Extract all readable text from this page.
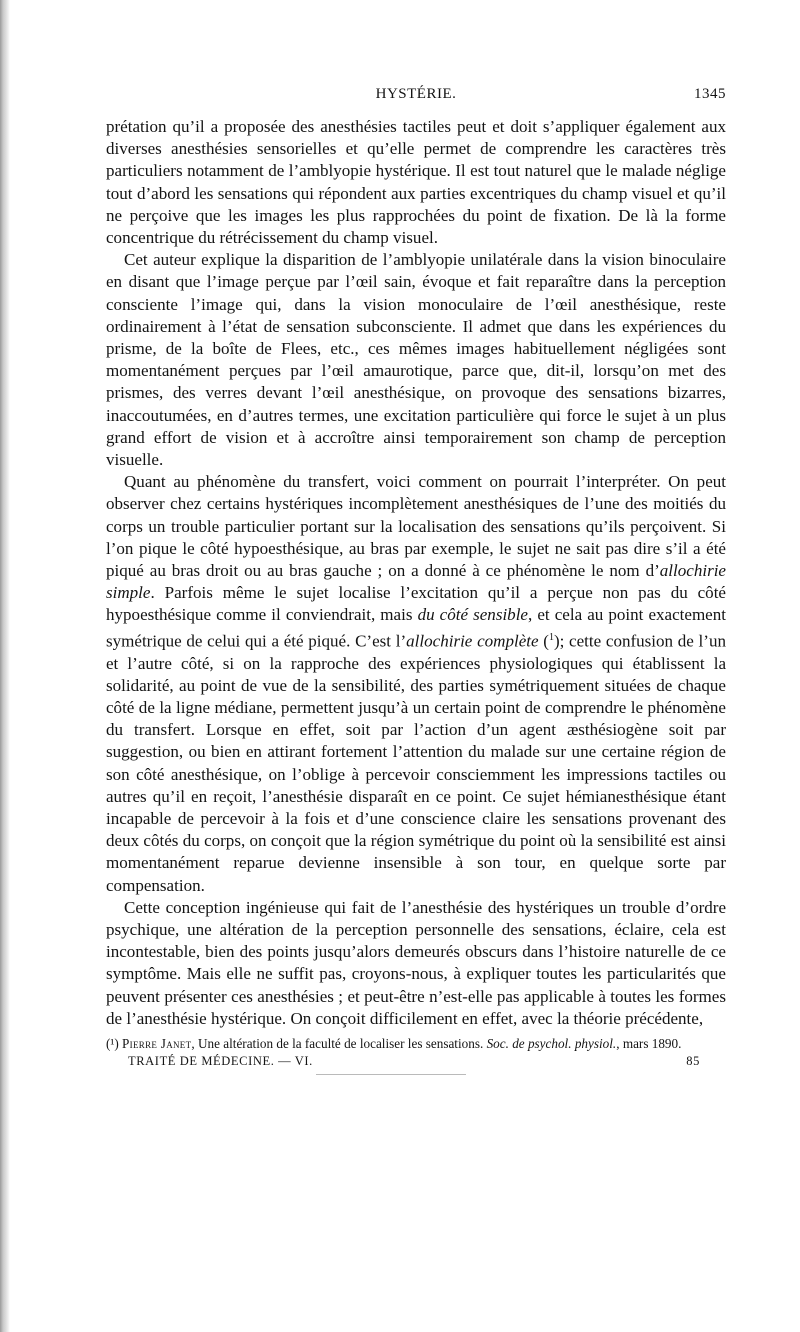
HYSTÉRIE.	1345

prétation qu’il a proposée des anesthésies tactiles peut et doit s’appliquer également aux diverses anesthésies sensorielles et qu’elle permet de comprendre les caractères très particuliers notamment de l’amblyopie hystérique. Il est tout naturel que le malade néglige tout d’abord les sensations qui répondent aux parties excentriques du champ visuel et qu’il ne perçoive que les images les plus rapprochées du point de fixation. De là la forme concentrique du rétrécissement du champ visuel.

Cet auteur explique la disparition de l’amblyopie unilatérale dans la vision binoculaire en disant que l’image perçue par l’œil sain, évoque et fait reparaître dans la perception consciente l’image qui, dans la vision monoculaire de l’œil anesthésique, reste ordinairement à l’état de sensation subconsciente. Il admet que dans les expériences du prisme, de la boîte de Flees, etc., ces mêmes images habituellement négligées sont momentanément perçues par l’œil amaurotique, parce que, dit-il, lorsqu’on met des prismes, des verres devant l’œil anesthésique, on provoque des sensations bizarres, inaccoutumées, en d’autres termes, une excitation particulière qui force le sujet à un plus grand effort de vision et à accroître ainsi temporairement son champ de perception visuelle.

Quant au phénomène du transfert, voici comment on pourrait l’interpréter. On peut observer chez certains hystériques incomplètement anesthésiques de l’une des moitiés du corps un trouble particulier portant sur la localisation des sensations qu’ils perçoivent. Si l’on pique le côté hypoesthésique, au bras par exemple, le sujet ne sait pas dire s’il a été piqué au bras droit ou au bras gauche ; on a donné à ce phénomène le nom d’allochirie simple. Parfois même le sujet localise l’excitation qu’il a perçue non pas du côté hypoesthésique comme il conviendrait, mais du côté sensible, et cela au point exactement symétrique de celui qui a été piqué. C’est l’allochirie complète ($^1$); cette confusion de l’un et l’autre côté, si on la rapproche des expériences physiologiques qui établissent la solidarité, au point de vue de la sensibilité, des parties symétriquement situées de chaque côté de la ligne médiane, permettent jusqu’à un certain point de comprendre le phénomène du transfert. Lorsque en effet, soit par l’action d’un agent æsthésiogène soit par suggestion, ou bien en attirant fortement l’attention du malade sur une certaine région de son côté anesthésique, on l’oblige à percevoir consciemment les impressions tactiles ou autres qu’il en reçoit, l’anesthésie disparaît en ce point. Ce sujet hémianesthésique étant incapable de percevoir à la fois et d’une conscience claire les sensations provenant des deux côtés du corps, on conçoit que la région symétrique du point où la sensibilité est ainsi momentanément reparue devienne insensible à son tour, en quelque sorte par compensation.

Cette conception ingénieuse qui fait de l’anesthésie des hystériques un trouble d’ordre psychique, une altération de la perception personnelle des sensations, éclaire, cela est incontestable, bien des points jusqu’alors demeurés obscurs dans l’histoire naturelle de ce symptôme. Mais elle ne suffit pas, croyons-nous, à expliquer toutes les particularités que peuvent présenter ces anesthésies ; et peut-être n’est-elle pas applicable à toutes les formes de l’anesthésie hystérique. On conçoit difficilement en effet, avec la théorie précédente,

(¹) Pierre Janet, Une altération de la faculté de localiser les sensations. Soc. de psychol. physiol., mars 1890.
TRAITÉ DE MÉDECINE. — VI.	85
